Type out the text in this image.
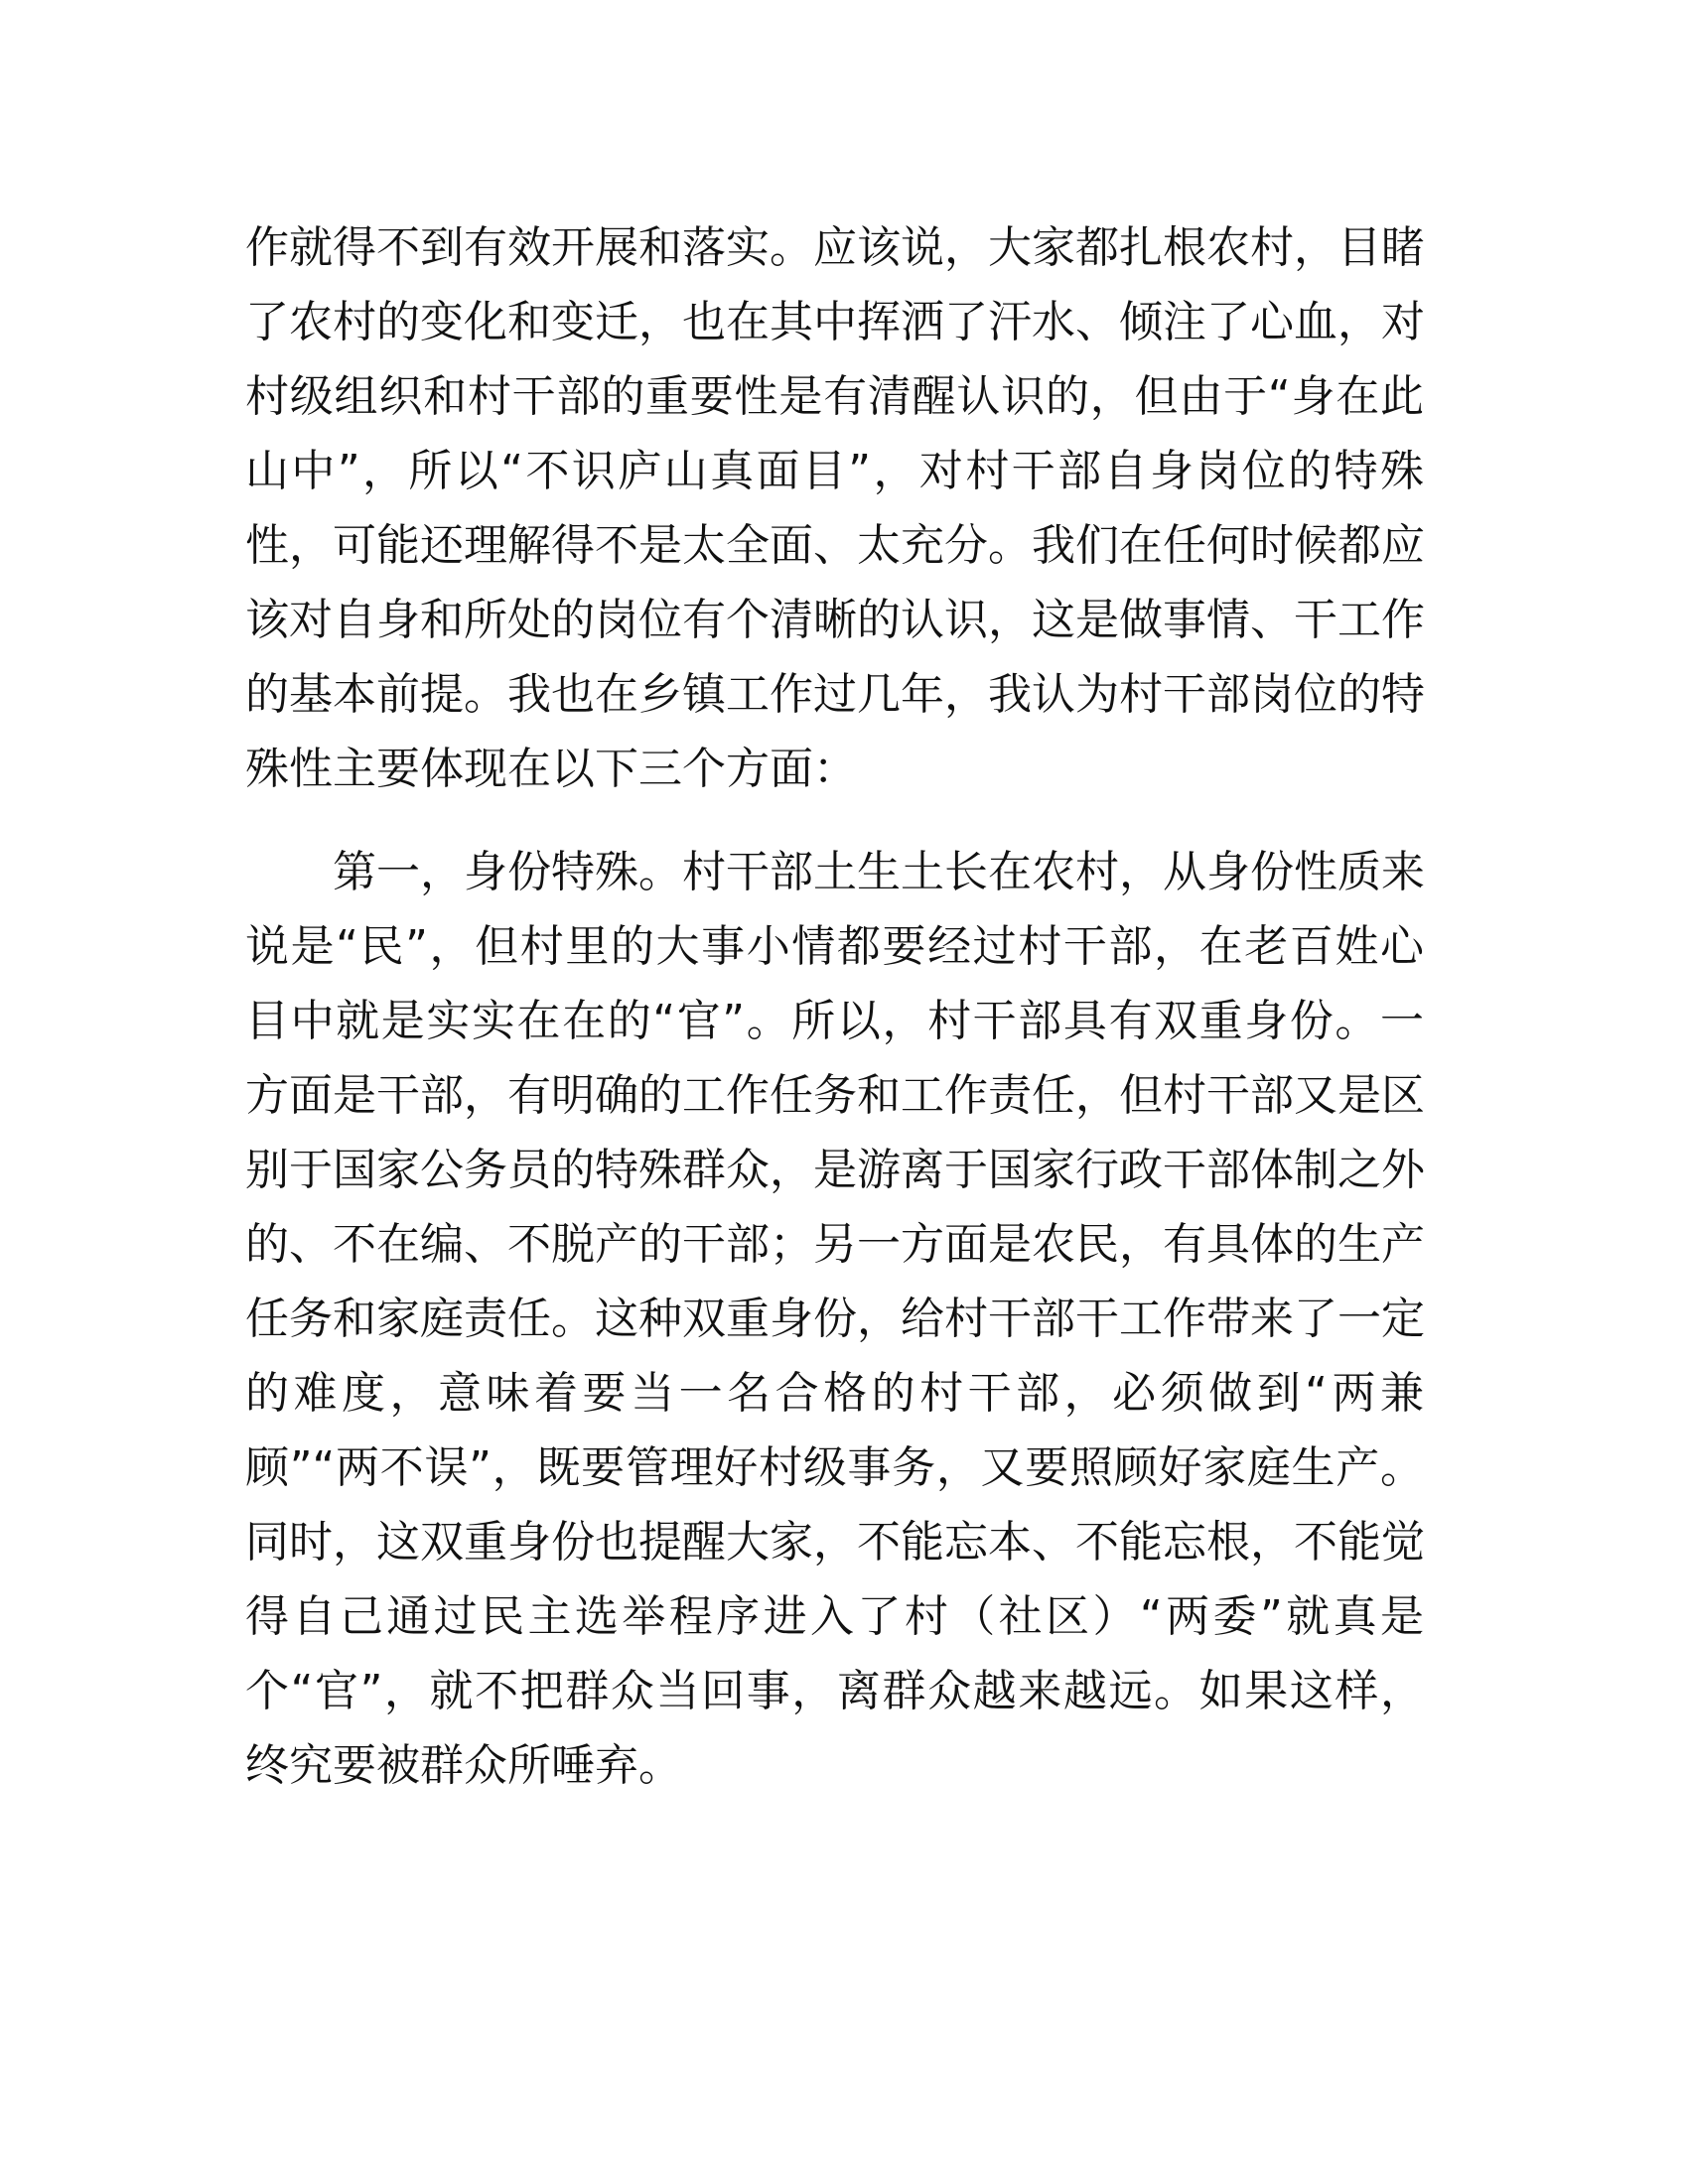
作就得不到有效开展和落实。应该说，大家都扎根农村，目睹
了农村的变化和变迁，也在其中挥洒了汗水、倾注了心血，对
村级组织和村干部的重要性是有清醒认识的，但由于“身在此
山中”，所以“不识庐山真面目”，对村干部自身岗位的特殊
性，可能还理解得不是太全面、太充分。我们在任何时候都应
该对自身和所处的岗位有个清晰的认识，这是做事情、干工作
的基本前提。我也在乡镇工作过几年，我认为村干部岗位的特
殊性主要体现在以下三个方面：
第一，身份特殊。村干部土生土长在农村，从身份性质来
说是“民”，但村里的大事小情都要经过村干部，在老百姓心
目中就是实实在在的“官”。所以，村干部具有双重身份。一
方面是干部，有明确的工作任务和工作责任，但村干部又是区
别于国家公务员的特殊群众，是游离于国家行政干部体制之外
的、不在编、不脱产的干部；另一方面是农民，有具体的生产
任务和家庭责任。这种双重身份，给村干部干工作带来了一定
的难度，意味着要当一名合格的村干部，必须做到“两兼
顾”“两不误”，既要管理好村级事务，又要照顾好家庭生产。
同时，这双重身份也提醒大家，不能忘本、不能忘根，不能觉
得自己通过民主选举程序进入了村（社区）“两委”就真是
个“官”，就不把群众当回事，离群众越来越远。如果这样，
终究要被群众所唾弃。
